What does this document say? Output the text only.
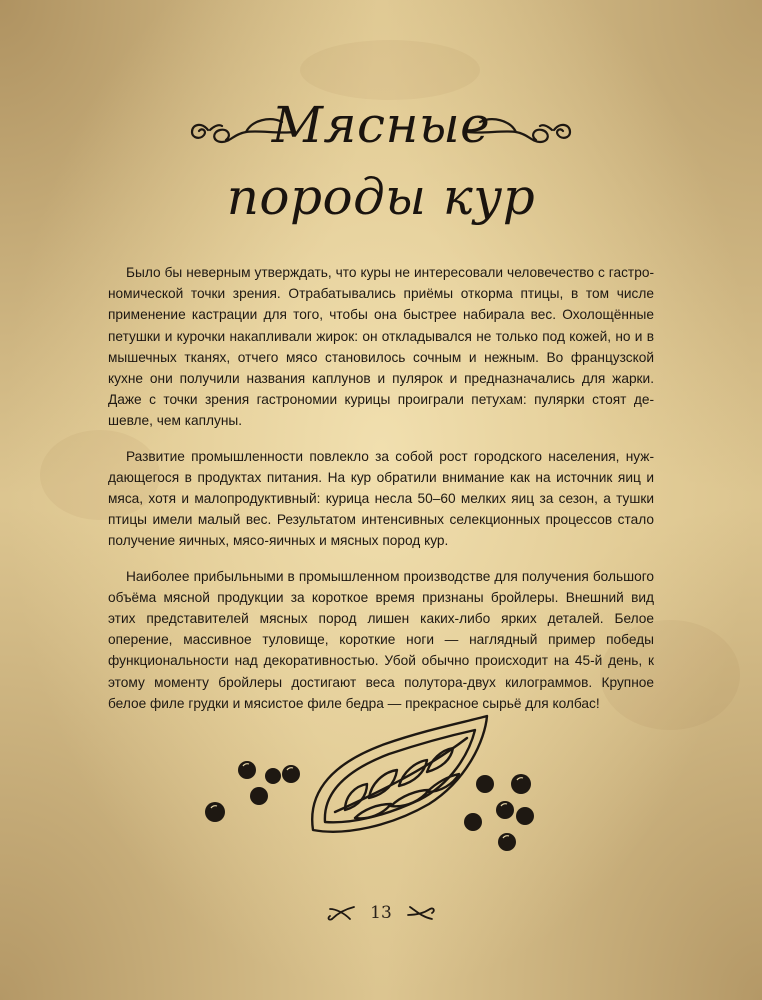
Мясные
породы кур

Было бы неверным утверждать, что куры не интересовали человечество с гастрономической точки зрения. Отрабатывались приёмы откорма птицы, в том числе применение кастрации для того, чтобы она быстрее набирала вес. Охолощённые петушки и курочки накапливали жирок: он откладывался не только под кожей, но и в мышечных тканях, отчего мясо становилось сочным и нежным. Во французской кухне они получили названия каплунов и пулярок и предназначались для жарки. Даже с точки зрения гастрономии курицы проиграли петухам: пулярки стоят дешевле, чем каплуны.

Развитие промышленности повлекло за собой рост городского населения, нуждающегося в продуктах питания. На кур обратили внимание как на источник яиц и мяса, хотя и малопродуктивный: курица несла 50–60 мелких яиц за сезон, а тушки птицы имели малый вес. Результатом интенсивных селекционных процессов стало получение яичных, мясо-яичных и мясных пород кур.

Наиболее прибыльными в промышленном производстве для получения большого объёма мясной продукции за короткое время признаны бройлеры. Внешний вид этих представителей мясных пород лишен каких-либо ярких деталей. Белое оперение, массивное туловище, короткие ноги — наглядный пример победы функциональности над декоративностью. Убой обычно происходит на 45-й день, к этому моменту бройлеры достигают веса полутора-двух килограммов. Крупное белое филе грудки и мясистое филе бедра — прекрасное сырьё для колбас!

13
